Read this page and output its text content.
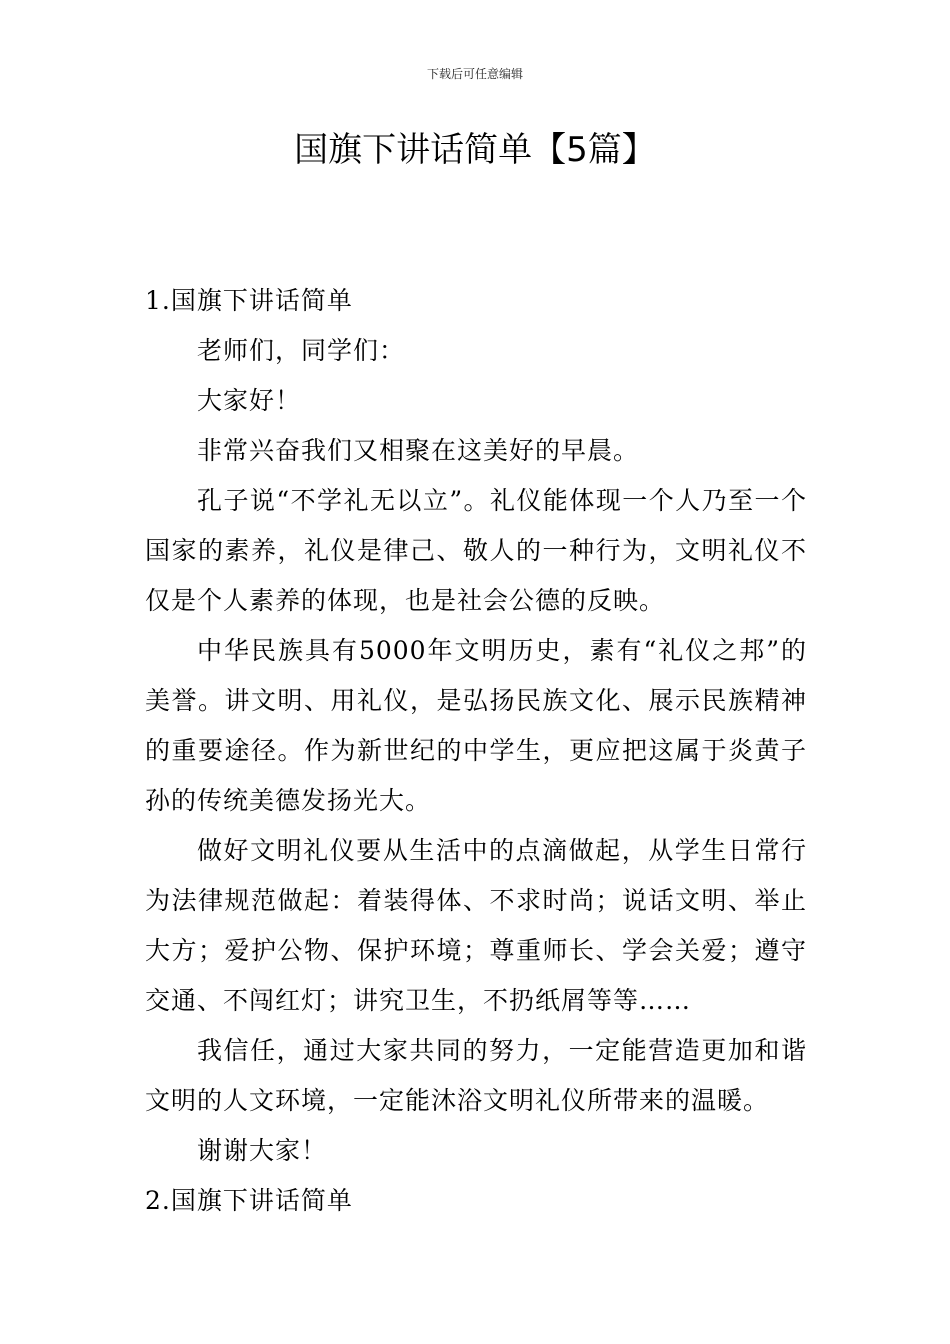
下载后可任意编辑
国旗下讲话简单【5篇】

1.国旗下讲话简单

老师们，同学们：

大家好！

非常兴奋我们又相聚在这美好的早晨。

孔子说“不学礼无以立”。礼仪能体现一个人乃至一个国家的素养，礼仪是律己、敬人的一种行为，文明礼仪不仅是个人素养的体现，也是社会公德的反映。

中华民族具有5000年文明历史，素有“礼仪之邦”的美誉。讲文明、用礼仪，是弘扬民族文化、展示民族精神的重要途径。作为新世纪的中学生，更应把这属于炎黄子孙的传统美德发扬光大。

做好文明礼仪要从生活中的点滴做起，从学生日常行为法律规范做起：着装得体、不求时尚；说话文明、举止大方；爱护公物、保护环境；尊重师长、学会关爱；遵守交通、不闯红灯；讲究卫生，不扔纸屑等等……

我信任，通过大家共同的努力，一定能营造更加和谐文明的人文环境，一定能沐浴文明礼仪所带来的温暖。

谢谢大家！

2.国旗下讲话简单
